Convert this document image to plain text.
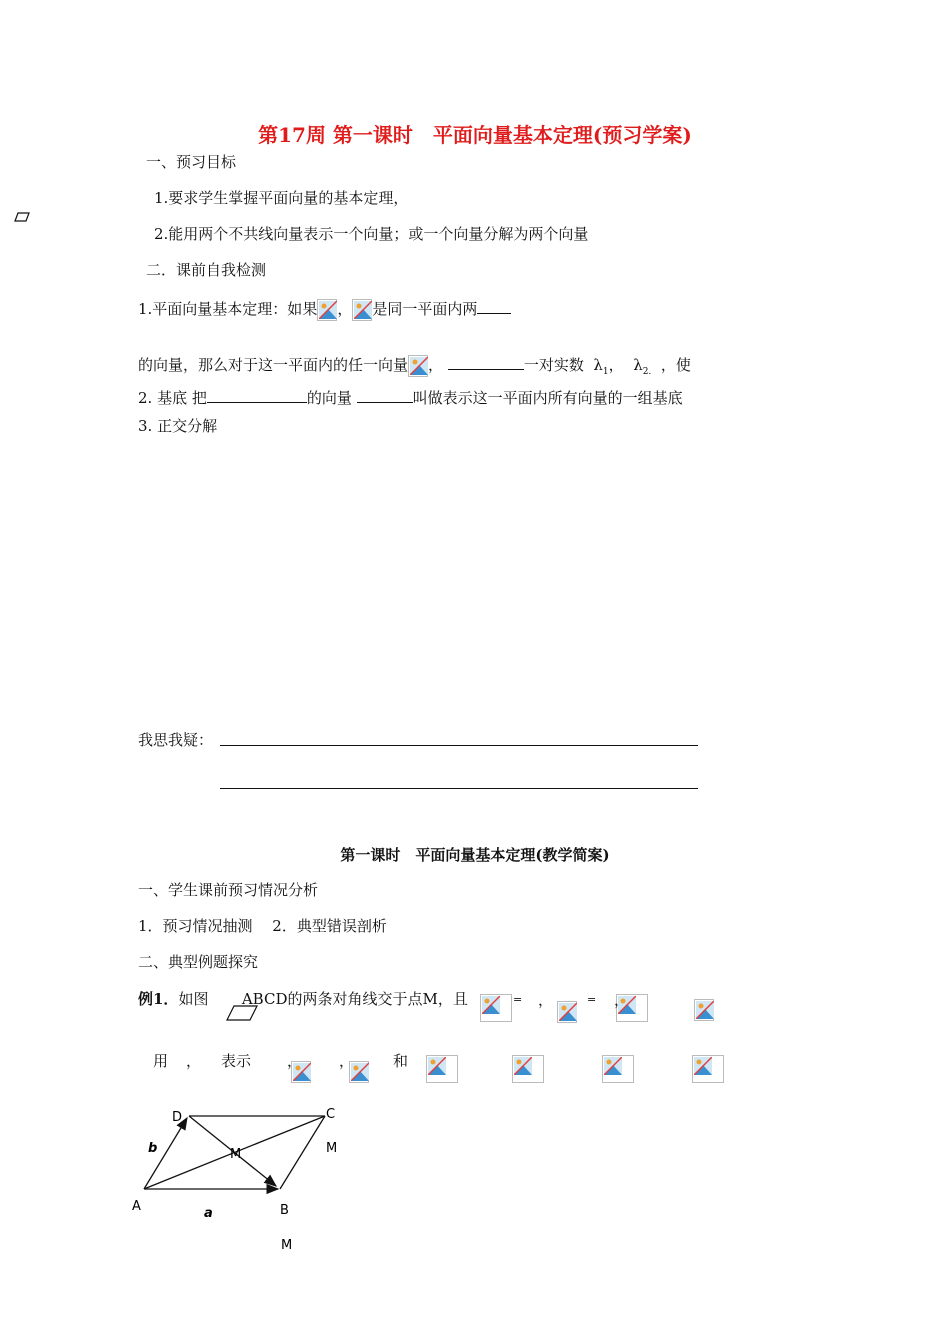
第17周 第一课时　平面向量基本定理(预习学案)
一、预习目标
1.要求学生掌握平面向量的基本定理，
2.能用两个不共线向量表示一个向量；或一个向量分解为两个向量
二．课前自我检测
1.平面向量基本定理：如果 ， 是同一平面内两
的向量，那么对于这一平面内的任一向量 ，	一对实数 $\lambda_1$， $\lambda_{2.}$ ，使
2. 基底 把	的向量	叫做表示这一平面内所有向量的一组基底
3. 正交分解
我思我疑：
第一课时　平面向量基本定理(教学简案)
一、学生课前预习情况分析
1．预习情况抽测　 2．典型错误剖析
二、典型例题探究
例1．如图 ABCD的两条对角线交于点M，且
	=
，
	=
，
用
，
表示
，
，
	和
D	C
M	M
b
A	B
a
M
